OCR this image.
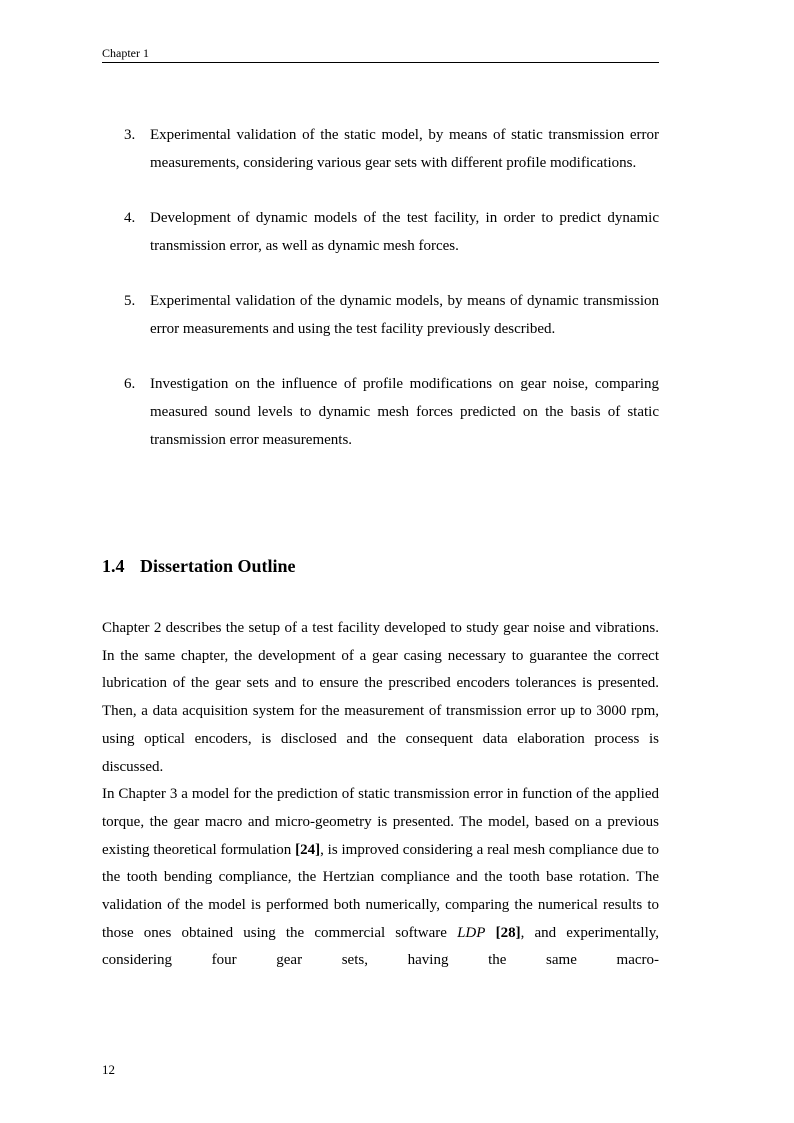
Chapter 1
3. Experimental validation of the static model, by means of static transmission error measurements, considering various gear sets with different profile modifications.
4. Development of dynamic models of the test facility, in order to predict dynamic transmission error, as well as dynamic mesh forces.
5. Experimental validation of the dynamic models, by means of dynamic transmission error measurements and using the test facility previously described.
6. Investigation on the influence of profile modifications on gear noise, comparing measured sound levels to dynamic mesh forces predicted on the basis of static transmission error measurements.
1.4 Dissertation Outline

Chapter 2 describes the setup of a test facility developed to study gear noise and vibrations. In the same chapter, the development of a gear casing necessary to guarantee the correct lubrication of the gear sets and to ensure the prescribed encoders tolerances is presented. Then, a data acquisition system for the measurement of transmission error up to 3000 rpm, using optical encoders, is disclosed and the consequent data elaboration process is discussed.

In Chapter 3 a model for the prediction of static transmission error in function of the applied torque, the gear macro and micro-geometry is presented. The model, based on a previous existing theoretical formulation [24], is improved considering a real mesh compliance due to the tooth bending compliance, the Hertzian compliance and the tooth base rotation. The validation of the model is performed both numerically, comparing the numerical results to those ones obtained using the commercial software LDP [28], and experimentally, considering four gear sets, having the same macro-

12
